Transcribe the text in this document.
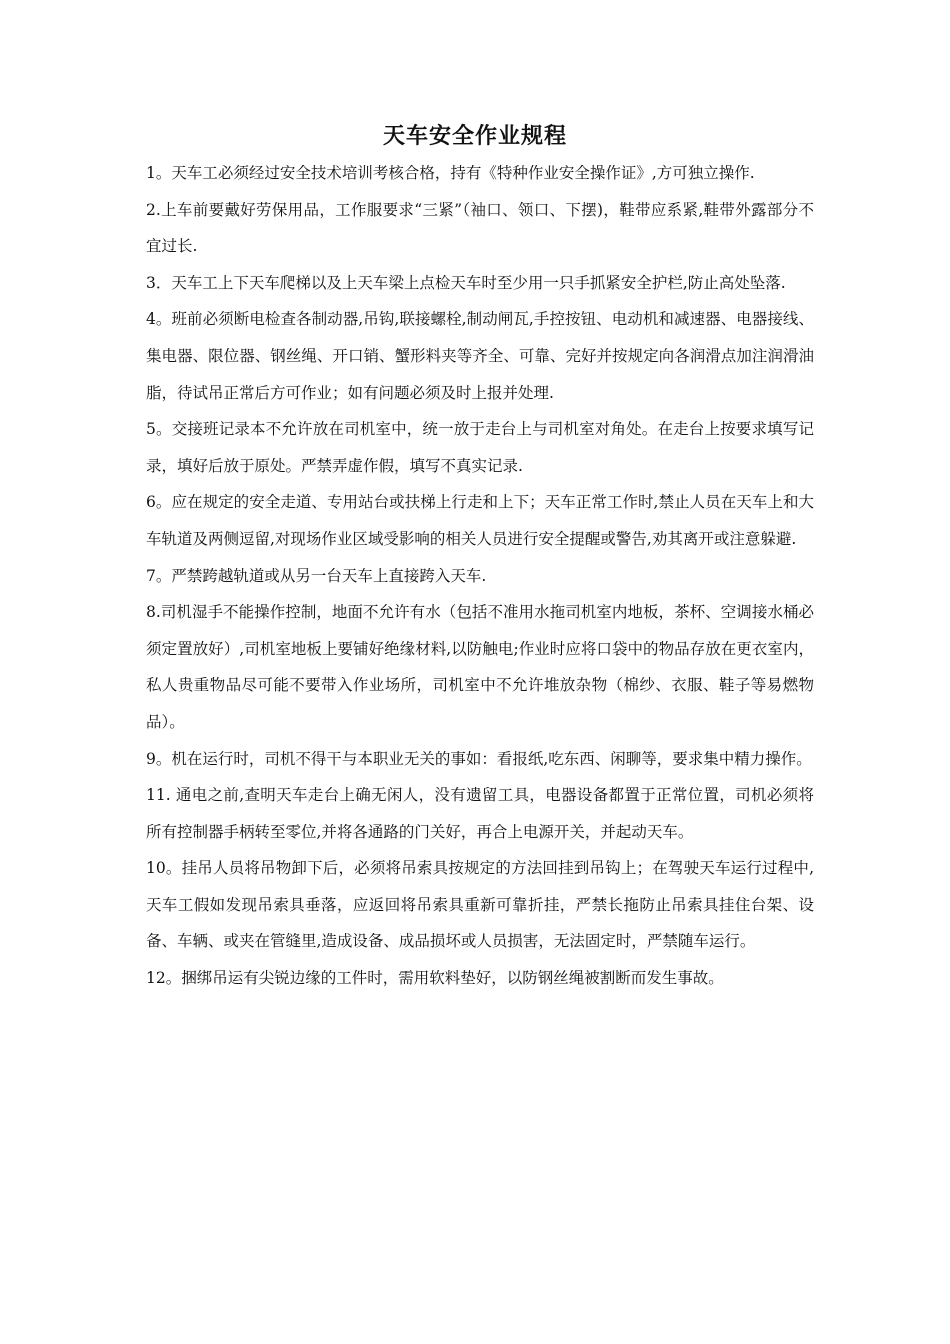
天车安全作业规程

1。天车工必须经过安全技术培训考核合格，持有《特种作业安全操作证》,方可独立操作.

2.上车前要戴好劳保用品，工作服要求“三紧”（袖口、领口、下摆)，鞋带应系紧,鞋带外露部分不宜过长.

3．天车工上下天车爬梯以及上天车梁上点检天车时至少用一只手抓紧安全护栏,防止高处坠落.

4。班前必须断电检查各制动器,吊钩,联接螺栓,制动闸瓦,手控按钮、电动机和减速器、电器接线、集电器、限位器、钢丝绳、开口销、蟹形料夹等齐全、可靠、完好并按规定向各润滑点加注润滑油脂，待试吊正常后方可作业；如有问题必须及时上报并处理.

5。交接班记录本不允许放在司机室中，统一放于走台上与司机室对角处。在走台上按要求填写记录，填好后放于原处。严禁弄虚作假，填写不真实记录.

6。应在规定的安全走道、专用站台或扶梯上行走和上下；天车正常工作时,禁止人员在天车上和大车轨道及两侧逗留,对现场作业区域受影响的相关人员进行安全提醒或警告,劝其离开或注意躲避.

7。严禁跨越轨道或从另一台天车上直接跨入天车.

8.司机湿手不能操作控制，地面不允许有水（包括不准用水拖司机室内地板，茶杯、空调接水桶必须定置放好）,司机室地板上要铺好绝缘材料,以防触电;作业时应将口袋中的物品存放在更衣室内，私人贵重物品尽可能不要带入作业场所，司机室中不允许堆放杂物（棉纱、衣服、鞋子等易燃物品）。

9。机在运行时，司机不得干与本职业无关的事如：看报纸,吃东西、闲聊等，要求集中精力操作。

11. 通电之前,查明天车走台上确无闲人，没有遗留工具，电器设备都置于正常位置，司机必须将所有控制器手柄转至零位,并将各通路的门关好，再合上电源开关，并起动天车。

10。挂吊人员将吊物卸下后，必须将吊索具按规定的方法回挂到吊钩上；在驾驶天车运行过程中,天车工假如发现吊索具垂落，应返回将吊索具重新可靠折挂，严禁长拖防止吊索具挂住台架、设备、车辆、或夹在管缝里,造成设备、成品损坏或人员损害，无法固定时，严禁随车运行。

12。捆绑吊运有尖锐边缘的工件时，需用软料垫好，以防钢丝绳被割断而发生事故。
